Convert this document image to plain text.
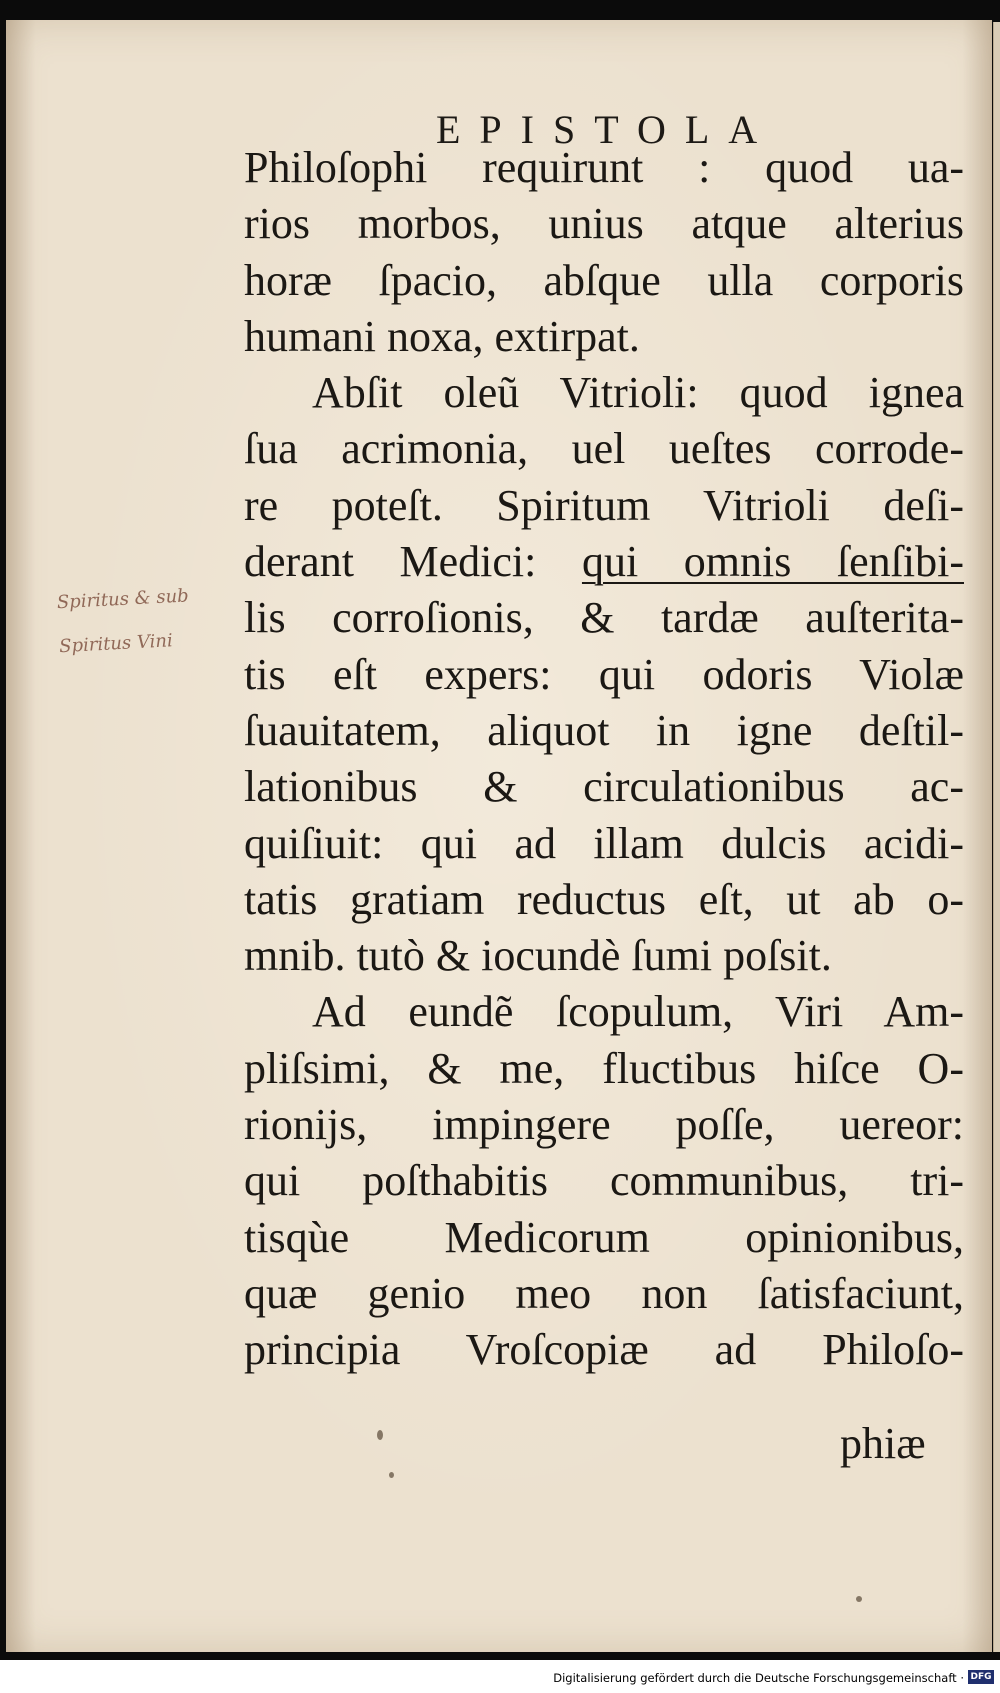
EPISTOLA
Spiritus & sub
Spiritus Vini
Philoſophi requirunt : quod ua-
rios morbos, unius atque alterius
horæ ſpacio, abſque ulla corporis
humani noxa, extirpat.
Abſit oleũ Vitrioli: quod ignea
ſua acrimonia, uel ueſtes corrode-
re poteſt. Spiritum Vitrioli deſi-
derant Medici: qui omnis ſenſibi-
lis corroſionis, & tardæ auſterita-
tis eſt expers: qui odoris Violæ
ſuauitatem, aliquot in igne deſtil-
lationibus & circulationibus ac-
quiſiuit: qui ad illam dulcis acidi-
tatis gratiam reductus eſt, ut ab o-
mnib. tutò & iocundè ſumi poſsit.
Ad eundẽ ſcopulum, Viri Am-
pliſsimi, & me, fluctibus hiſce O-
rionĳs, impingere poſſe, uereor:
qui poſthabitis communibus, tri-
tisqùe Medicorum opinionibus,
quæ genio meo non ſatisfaciunt,
principia Vroſcopiæ ad Philoſo-
phiæ
Digitalisierung gefördert durch die Deutsche Forschungsgemeinschaft · DFG
